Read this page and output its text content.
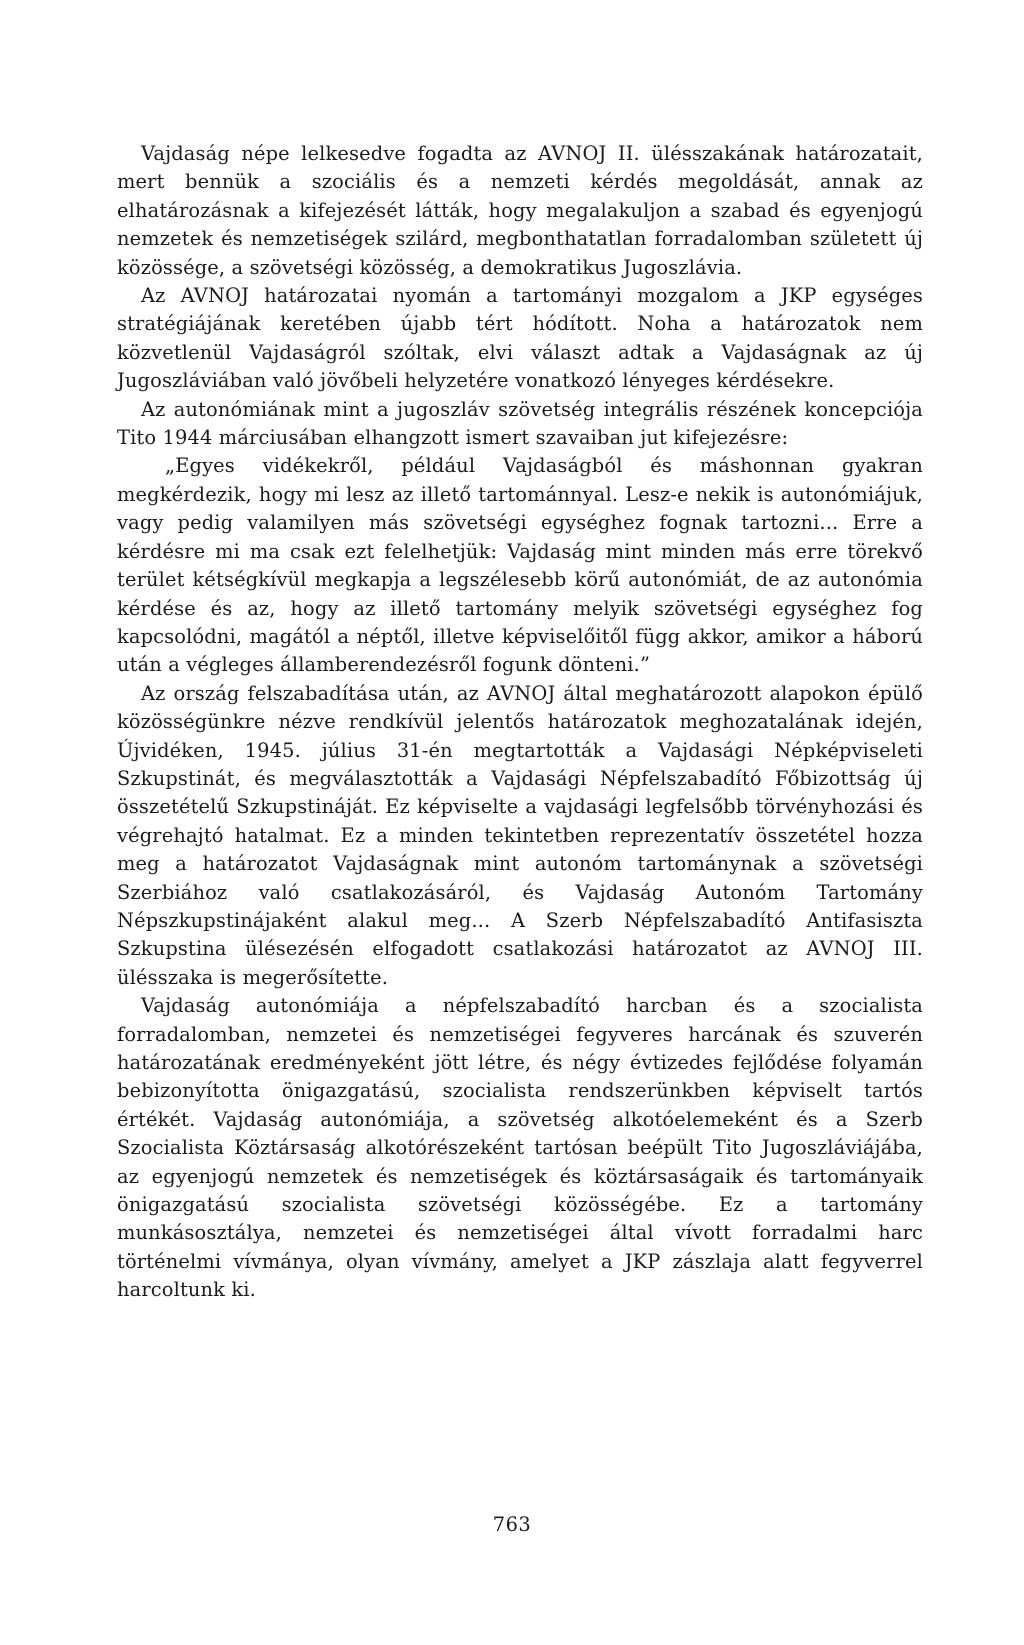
Vajdaság népe lelkesedve fogadta az AVNOJ II. ülésszakának határozatait, mert bennük a szociális és a nemzeti kérdés megoldását, annak az elhatározásnak a kifejezését látták, hogy megalakuljon a szabad és egyenjogú nemzetek és nemzetiségek szilárd, megbonthatatlan forradalomban született új közössége, a szövetségi közösség, a demokratikus Jugoszlávia.

Az AVNOJ határozatai nyomán a tartományi mozgalom a JKP egységes stratégiájának keretében újabb tért hódított. Noha a határozatok nem közvetlenül Vajdaságról szóltak, elvi választ adtak a Vajdaságnak az új Jugoszláviában való jövőbeli helyzetére vonatkozó lényeges kérdésekre.

Az autonómiának mint a jugoszláv szövetség integrális részének koncepciója Tito 1944 márciusában elhangzott ismert szavaiban jut kifejezésre:

„Egyes vidékekről, például Vajdaságból és máshonnan gyakran megkérdezik, hogy mi lesz az illető tartománnyal. Lesz-e nekik is autonómiájuk, vagy pedig valamilyen más szövetségi egységhez fognak tartozni... Erre a kérdésre mi ma csak ezt felelhetjük: Vajdaság mint minden más erre törekvő terület kétségkívül megkapja a legszélesebb körű autonómiát, de az autonómia kérdése és az, hogy az illető tartomány melyik szövetségi egységhez fog kapcsolódni, magától a néptől, illetve képviselőitől függ akkor, amikor a háború után a végleges államberendezésről fogunk dönteni.”

Az ország felszabadítása után, az AVNOJ által meghatározott alapokon épülő közösségünkre nézve rendkívül jelentős határozatok meghozatalának idején, Újvidéken, 1945. július 31-én megtartották a Vajdasági Népképviseleti Szkupstinát, és megválasztották a Vajdasági Népfelszabadító Főbizottság új összetételű Szkupstináját. Ez képviselte a vajdasági legfelsőbb törvényhozási és végrehajtó hatalmat. Ez a minden tekintetben reprezentatív összetétel hozza meg a határozatot Vajdaságnak mint autonóm tartománynak a szövetségi Szerbiához való csatlakozásáról, és Vajdaság Autonóm Tartomány Népszkupstinájaként alakul meg... A Szerb Népfelszabadító Antifasiszta Szkupstina ülésezésén elfogadott csatlakozási határozatot az AVNOJ III. ülésszaka is megerősítette.

Vajdaság autonómiája a népfelszabadító harcban és a szocialista forradalomban, nemzetei és nemzetiségei fegyveres harcának és szuverén határozatának eredményeként jött létre, és négy évtizedes fejlődése folyamán bebizonyította önigazgatású, szocialista rendszerünkben képviselt tartós értékét. Vajdaság autonómiája, a szövetség alkotóelemeként és a Szerb Szocialista Köztársaság alkotórészeként tartósan beépült Tito Jugoszláviájába, az egyenjogú nemzetek és nemzetiségek és köztársaságaik és tartományaik önigazgatású szocialista szövetségi közösségébe. Ez a tartomány munkásosztálya, nemzetei és nemzetiségei által vívott forradalmi harc történelmi vívmánya, olyan vívmány, amelyet a JKP zászlaja alatt fegyverrel harcoltunk ki.

763
